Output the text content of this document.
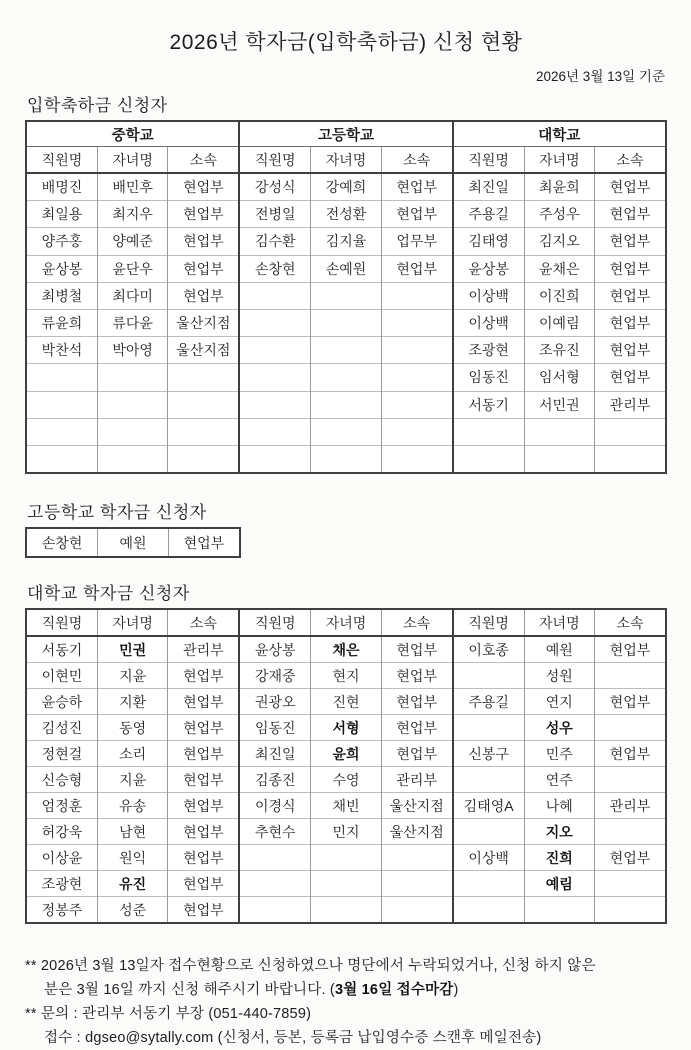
2026년 학자금(입학축하금) 신청 현황
2026년 3월 13일 기준
입학축하금 신청자
중학교		
직원명	자녀명	소속
배명진	배민후	현업부
최일용	최지우	현업부
양주홍	양예준	현업부
윤상봉	윤단우	현업부
최병철	최다미	현업부
류윤희	류다윤	울산지점
박찬석	박아영	울산지점

고등학교		
직원명	자녀명	소속
강성식	강예희	현업부
전병일	전성환	현업부
김수환	김지율	업무부
손창현	손예원	현업부

대학교		
직원명	자녀명	소속
최진일	최윤희	현업부
주용길	주성우	현업부
김태영	김지오	현업부
윤상봉	윤채은	현업부
이상백	이진희	현업부
이상백	이예림	현업부
조광현	조유진	현업부
임동진	임서형	현업부
서동기	서민권	관리부

고등학교 학자금 신청자
손창현	예원	현업부
대학교 학자금 신청자
직원명	자녀명	소속
서동기	민권	관리부
이현민	지윤	현업부
윤승하	지환	현업부
김성진	동영	현업부
정현걸	소리	현업부
신승형	지윤	현업부
엄정훈	유송	현업부
허강욱	남현	현업부
이상윤	원익	현업부
조광현	유진	현업부
정봉주	성준	현업부
직원명	자녀명	소속
윤상봉	채은	현업부
강재중	현지	현업부
권광오	진현	현업부
임동진	서형	현업부
최진일	윤희	현업부
김종진	수영	관리부
이경식	채빈	울산지점
추현수	민지	울산지점

직원명	자녀명	소속
이호종	예원	현업부
	성원	
주용길	연지	현업부
	성우	
신봉구	민주	현업부
	연주	
김태영A	나혜	관리부
	지오	
이상백	진희	현업부
	예림	

** 2026년 3월 13일자 접수현황으로 신청하였으나 명단에서 누락되었거나, 신청 하지 않은
분은 3월 16일 까지 신청 해주시기 바랍니다. (3월 16일 접수마감)
** 문의 : 관리부 서동기 부장 (051-440-7859)
접수 : dgseo@sytally.com (신청서, 등본, 등록금 납입영수증 스캔후 메일전송)
